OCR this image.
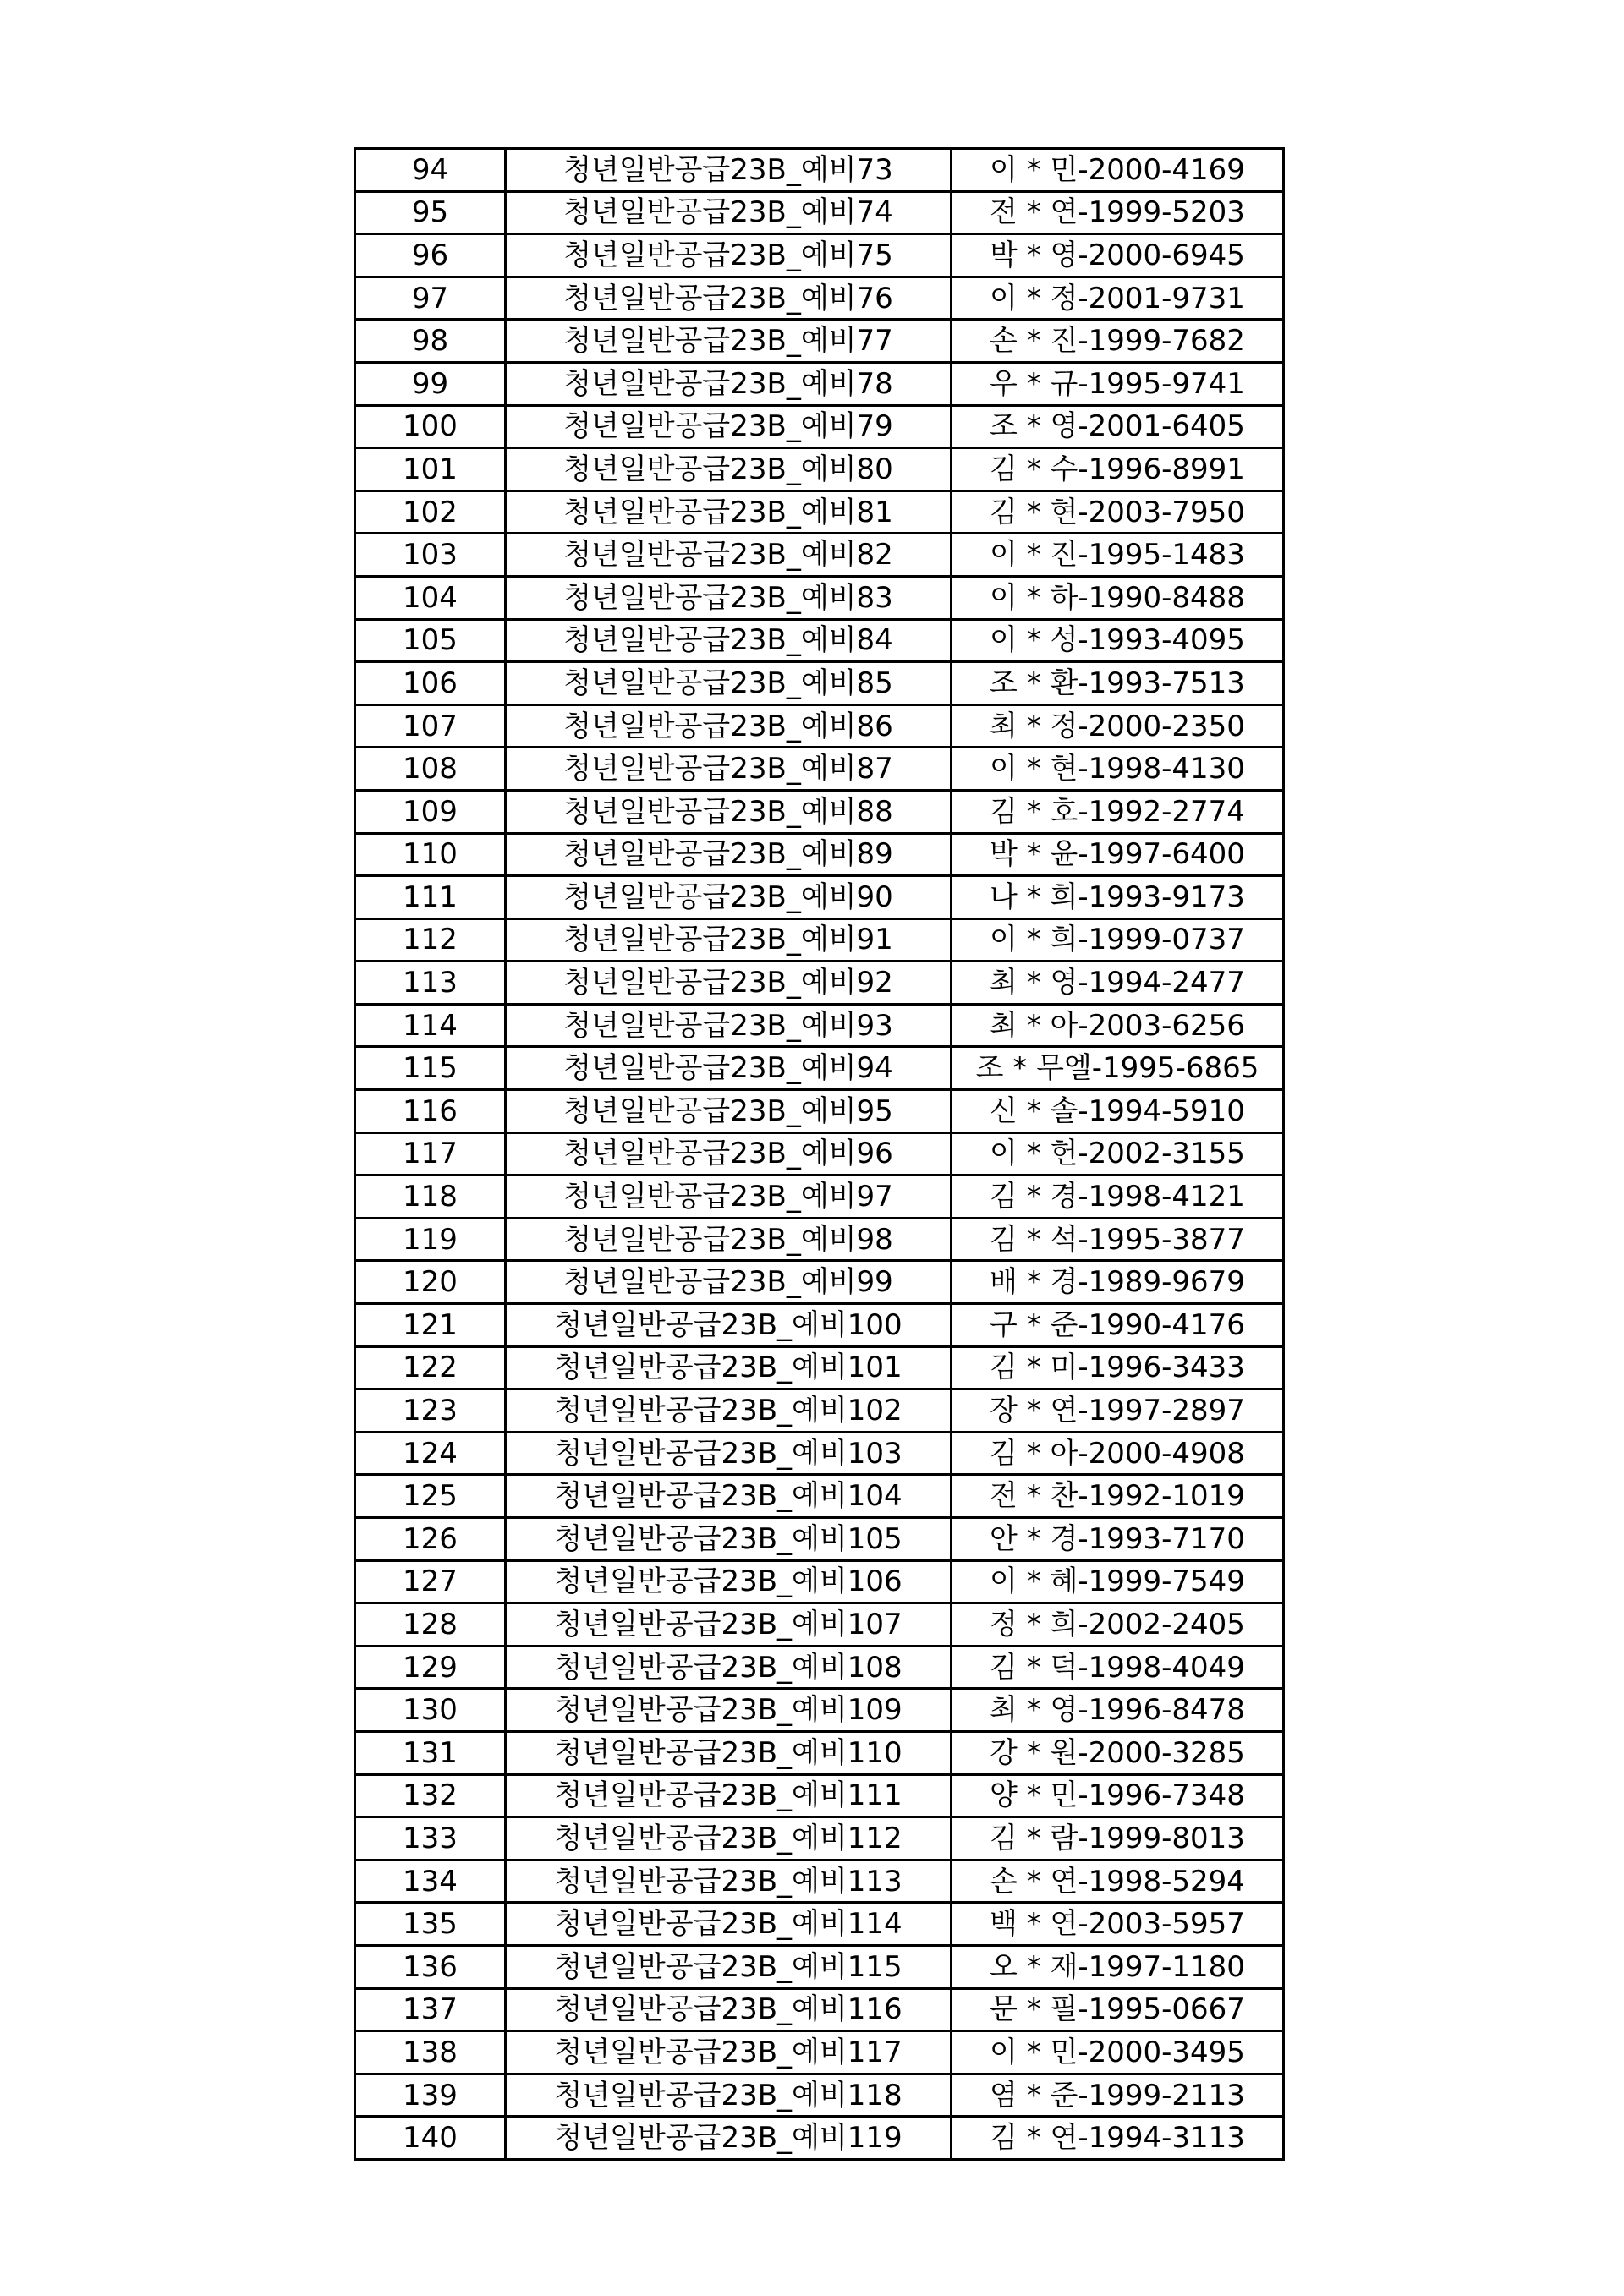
94	청년일반공급23B_예비73	이 * 민-2000-4169
95	청년일반공급23B_예비74	전 * 연-1999-5203
96	청년일반공급23B_예비75	박 * 영-2000-6945
97	청년일반공급23B_예비76	이 * 정-2001-9731
98	청년일반공급23B_예비77	손 * 진-1999-7682
99	청년일반공급23B_예비78	우 * 규-1995-9741
100	청년일반공급23B_예비79	조 * 영-2001-6405
101	청년일반공급23B_예비80	김 * 수-1996-8991
102	청년일반공급23B_예비81	김 * 현-2003-7950
103	청년일반공급23B_예비82	이 * 진-1995-1483
104	청년일반공급23B_예비83	이 * 하-1990-8488
105	청년일반공급23B_예비84	이 * 성-1993-4095
106	청년일반공급23B_예비85	조 * 환-1993-7513
107	청년일반공급23B_예비86	최 * 정-2000-2350
108	청년일반공급23B_예비87	이 * 현-1998-4130
109	청년일반공급23B_예비88	김 * 호-1992-2774
110	청년일반공급23B_예비89	박 * 윤-1997-6400
111	청년일반공급23B_예비90	나 * 희-1993-9173
112	청년일반공급23B_예비91	이 * 희-1999-0737
113	청년일반공급23B_예비92	최 * 영-1994-2477
114	청년일반공급23B_예비93	최 * 아-2003-6256
115	청년일반공급23B_예비94	조 * 무엘-1995-6865
116	청년일반공급23B_예비95	신 * 솔-1994-5910
117	청년일반공급23B_예비96	이 * 헌-2002-3155
118	청년일반공급23B_예비97	김 * 경-1998-4121
119	청년일반공급23B_예비98	김 * 석-1995-3877
120	청년일반공급23B_예비99	배 * 경-1989-9679
121	청년일반공급23B_예비100	구 * 준-1990-4176
122	청년일반공급23B_예비101	김 * 미-1996-3433
123	청년일반공급23B_예비102	장 * 연-1997-2897
124	청년일반공급23B_예비103	김 * 아-2000-4908
125	청년일반공급23B_예비104	전 * 찬-1992-1019
126	청년일반공급23B_예비105	안 * 경-1993-7170
127	청년일반공급23B_예비106	이 * 혜-1999-7549
128	청년일반공급23B_예비107	정 * 희-2002-2405
129	청년일반공급23B_예비108	김 * 덕-1998-4049
130	청년일반공급23B_예비109	최 * 영-1996-8478
131	청년일반공급23B_예비110	강 * 원-2000-3285
132	청년일반공급23B_예비111	양 * 민-1996-7348
133	청년일반공급23B_예비112	김 * 람-1999-8013
134	청년일반공급23B_예비113	손 * 연-1998-5294
135	청년일반공급23B_예비114	백 * 연-2003-5957
136	청년일반공급23B_예비115	오 * 재-1997-1180
137	청년일반공급23B_예비116	문 * 필-1995-0667
138	청년일반공급23B_예비117	이 * 민-2000-3495
139	청년일반공급23B_예비118	염 * 준-1999-2113
140	청년일반공급23B_예비119	김 * 연-1994-3113
